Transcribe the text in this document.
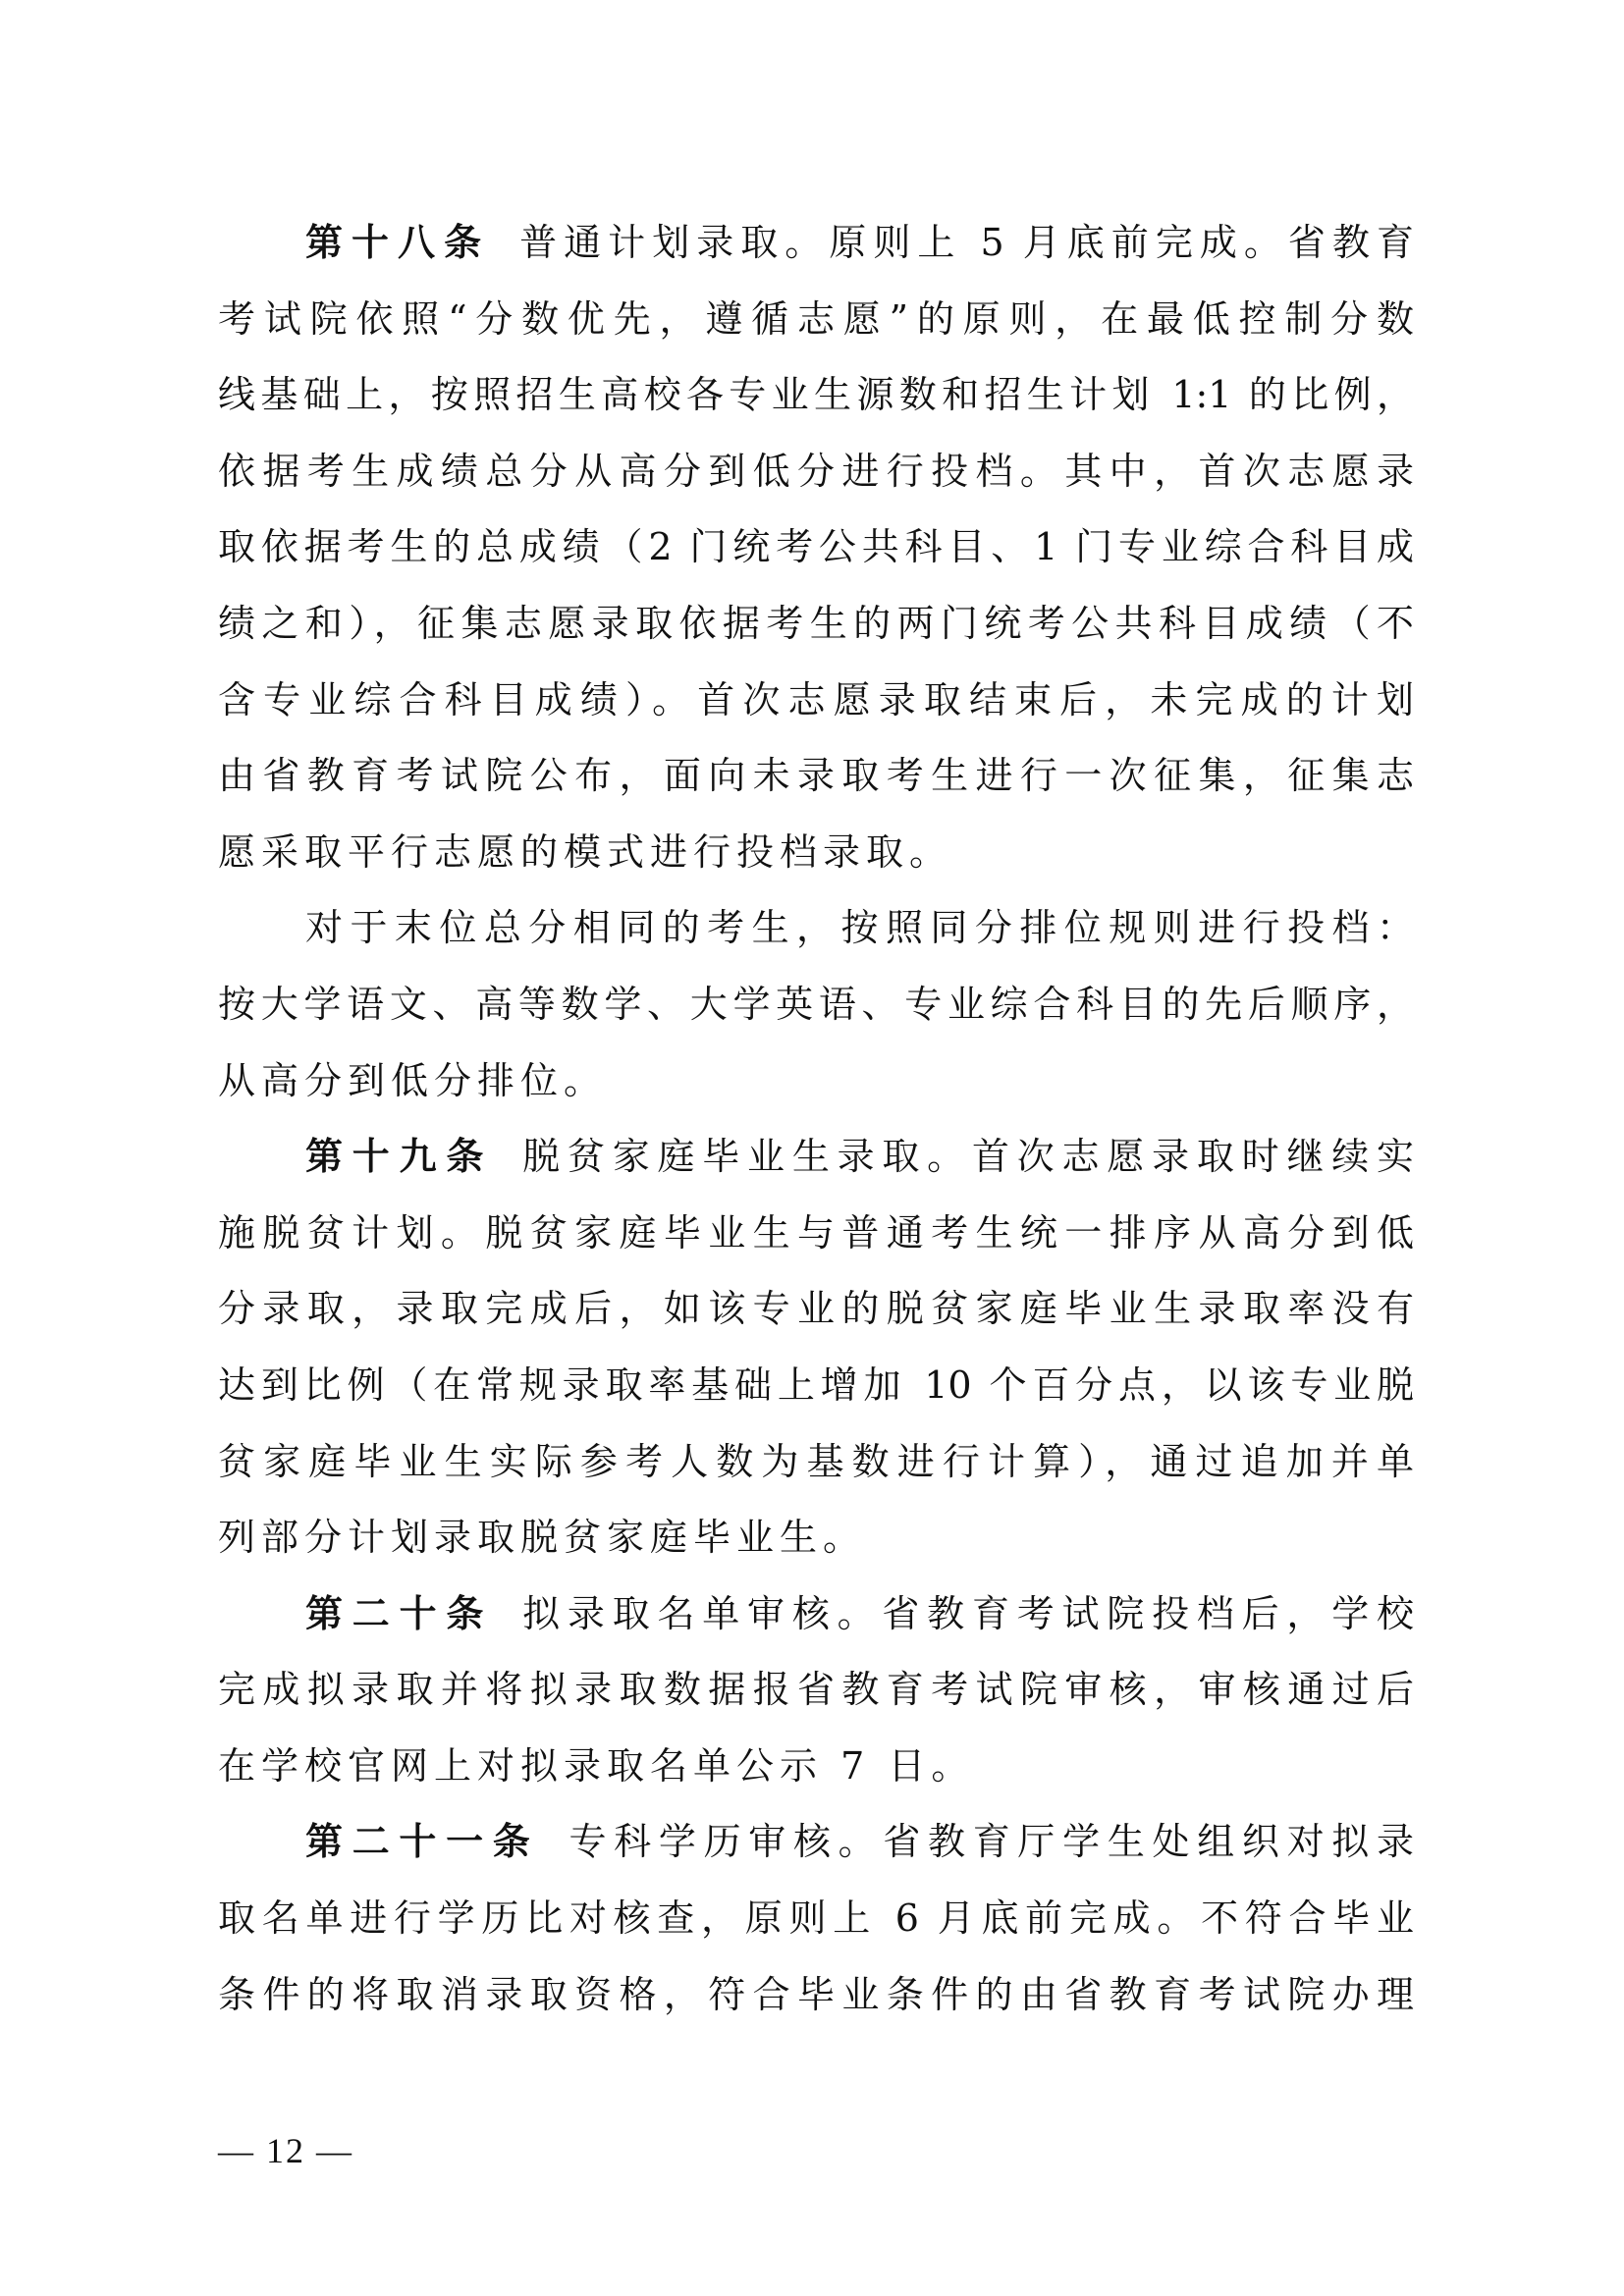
第十八条 普通计划录取。原则上 5 月底前完成。省教育
考试院依照“分数优先，遵循志愿”的原则，在最低控制分数
线基础上，按照招生高校各专业生源数和招生计划 1:1 的比例，
依据考生成绩总分从高分到低分进行投档。其中，首次志愿录
取依据考生的总成绩（2 门统考公共科目、1 门专业综合科目成
绩之和），征集志愿录取依据考生的两门统考公共科目成绩（不
含专业综合科目成绩）。首次志愿录取结束后，未完成的计划
由省教育考试院公布，面向未录取考生进行一次征集，征集志
愿采取平行志愿的模式进行投档录取。
对于末位总分相同的考生，按照同分排位规则进行投档：
按大学语文、高等数学、大学英语、专业综合科目的先后顺序，
从高分到低分排位。
第十九条 脱贫家庭毕业生录取。首次志愿录取时继续实
施脱贫计划。脱贫家庭毕业生与普通考生统一排序从高分到低
分录取，录取完成后，如该专业的脱贫家庭毕业生录取率没有
达到比例（在常规录取率基础上增加 10 个百分点，以该专业脱
贫家庭毕业生实际参考人数为基数进行计算），通过追加并单
列部分计划录取脱贫家庭毕业生。
第二十条 拟录取名单审核。省教育考试院投档后，学校
完成拟录取并将拟录取数据报省教育考试院审核，审核通过后
在学校官网上对拟录取名单公示 7 日。
第二十一条 专科学历审核。省教育厅学生处组织对拟录
取名单进行学历比对核查，原则上 6 月底前完成。不符合毕业
条件的将取消录取资格，符合毕业条件的由省教育考试院办理
— 12 —
